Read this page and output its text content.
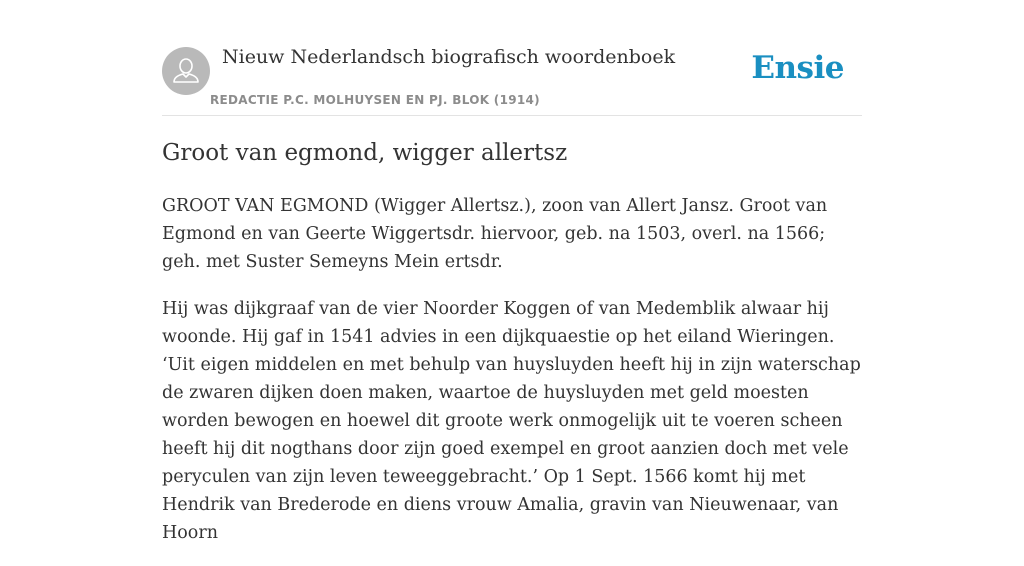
Nieuw Nederlandsch biografisch woordenboek
REDACTIE P.C. MOLHUYSEN EN PJ. BLOK (1914)
Ensie
Groot van egmond, wigger allertsz

GROOT VAN EGMOND (Wigger Allertsz.), zoon van Allert Jansz. Groot van Egmond en van Geerte Wiggertsdr. hiervoor, geb. na 1503, overl. na 1566; geh. met Suster Semeyns Mein ertsdr.

Hij was dijkgraaf van de vier Noorder Koggen of van Medemblik alwaar hij woonde. Hij gaf in 1541 advies in een dijkquaestie op het eiland Wieringen. ‘Uit eigen middelen en met behulp van huysluyden heeft hij in zijn waterschap de zwaren dijken doen maken, waartoe de huysluyden met geld moesten worden bewogen en hoewel dit groote werk onmogelijk uit te voeren scheen heeft hij dit nogthans door zijn goed exempel en groot aanzien doch met vele peryculen van zijn leven teweeggebracht.’ Op 1 Sept. 1566 komt hij met Hendrik van Brederode en diens vrouw Amalia, gravin van Nieuwenaar, van Hoorn
